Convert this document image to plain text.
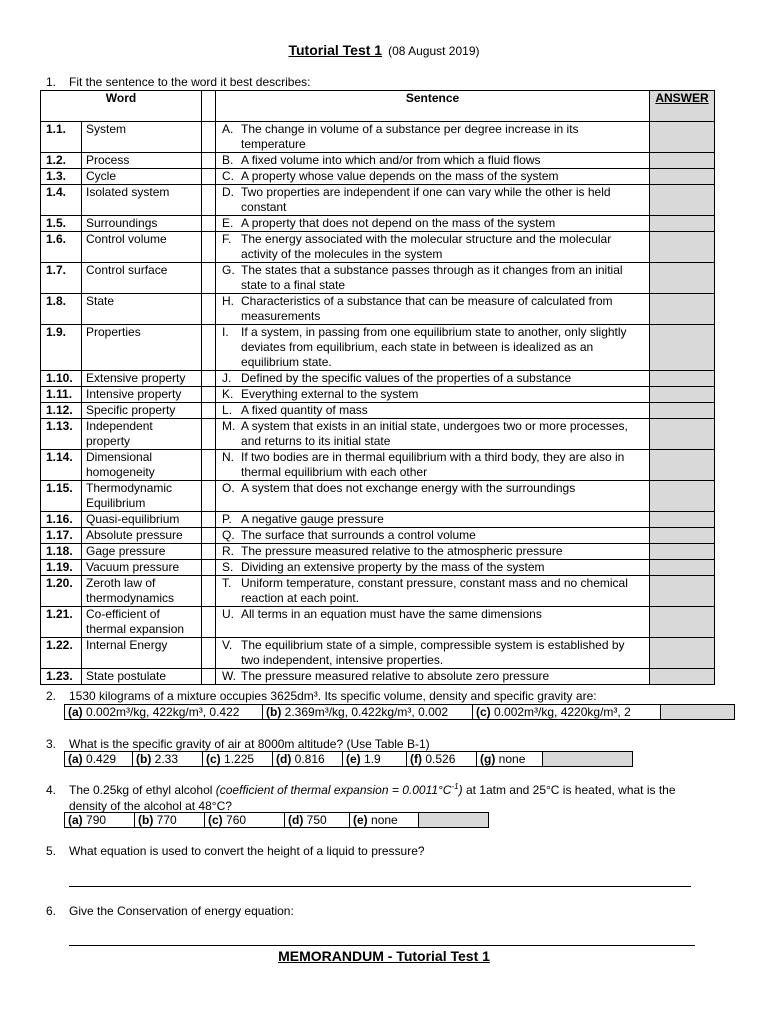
Tutorial Test 1 (08 August 2019)
1.	Fit the sentence to the word it best describes:
Word			Sentence	ANSWER
1.1.	System		A. The change in volume of a substance per degree increase in its temperature	

1.2.	Process		B. A fixed volume into which and/or from which a fluid flows	

1.3.	Cycle		C. A property whose value depends on the mass of the system	

1.4.	Isolated system		D. Two properties are independent if one can vary while the other is held constant	

1.5.	Surroundings		E. A property that does not depend on the mass of the system	

1.6.	Control volume		F. The energy associated with the molecular structure and the molecular activity of the molecules in the system	

1.7.	Control surface		G. The states that a substance passes through as it changes from an initial state to a final state	

1.8.	State		H. Characteristics of a substance that can be measure of calculated from measurements	

1.9.	Properties		I. If a system, in passing from one equilibrium state to another, only slightly deviates from equilibrium, each state in between is idealized as an equilibrium state.	

1.10.	Extensive property		J. Defined by the specific values of the properties of a substance	

1.11.	Intensive property		K. Everything external to the system	

1.12.	Specific property		L. A fixed quantity of mass	

1.13.	Independent property		M. A system that exists in an initial state, undergoes two or more processes, and returns to its initial state	

1.14.	Dimensional homogeneity		N. If two bodies are in thermal equilibrium with a third body, they are also in thermal equilibrium with each other	

1.15.	Thermodynamic Equilibrium		O. A system that does not exchange energy with the surroundings	

1.16.	Quasi-equilibrium		P. A negative gauge pressure	

1.17.	Absolute pressure		Q. The surface that surrounds a control volume	

1.18.	Gage pressure		R. The pressure measured relative to the atmospheric pressure	

1.19.	Vacuum pressure		S. Dividing an extensive property by the mass of the system	

1.20.	Zeroth law of thermodynamics		T. Uniform temperature, constant pressure, constant mass and no chemical reaction at each point.	

1.21.	Co-efficient of thermal expansion		U. All terms in an equation must have the same dimensions	

1.22.	Internal Energy		V. The equilibrium state of a simple, compressible system is established by two independent, intensive properties.	

1.23.	State postulate		W. The pressure measured relative to absolute zero pressure	

2.	1530 kilograms of a mixture occupies 3625dm³. Its specific volume, density and specific gravity are:
(a) 0.002m³/kg, 422kg/m³, 0.422	(b) 2.369m³/kg, 0.422kg/m³, 0.002	(c) 0.002m³/kg, 4220kg/m³, 2	
3.	What is the specific gravity of air at 8000m altitude? (Use Table B-1)
(a) 0.429	(b) 2.33	(c) 1.225	(d) 0.816	(e) 1.9	(f) 0.526	(g) none	
4.	The 0.25kg of ethyl alcohol (coefficient of thermal expansion = $0.0011^\circ C^{-1}$) at 1atm and 25°C is heated, what is the density of the alcohol at 48°C?
(a) 790	(b) 770	(c) 760	(d) 750	(e) none	
5.	What equation is used to convert the height of a liquid to pressure?
6.	Give the Conservation of energy equation:
MEMORANDUM - Tutorial Test 1
